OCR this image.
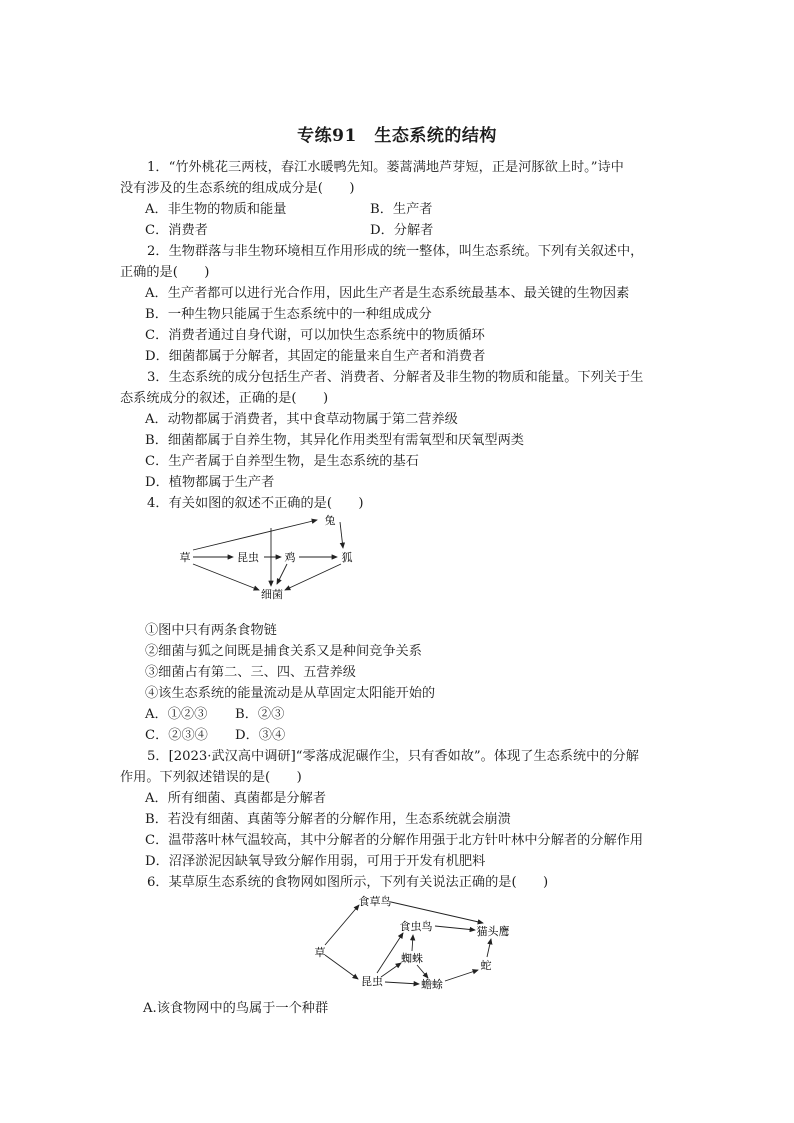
专练91　生态系统的结构
1．“竹外桃花三两枝，春江水暖鸭先知。蒌蒿满地芦芽短，正是河豚欲上时。”诗中
没有涉及的生态系统的组成成分是(　　)
A．非生物的物质和能量	B．生产者
C．消费者	D．分解者
2．生物群落与非生物环境相互作用形成的统一整体，叫生态系统。下列有关叙述中，
正确的是(　　)
A．生产者都可以进行光合作用，因此生产者是生态系统最基本、最关键的生物因素
B．一种生物只能属于生态系统中的一种组成成分
C．消费者通过自身代谢，可以加快生态系统中的物质循环
D．细菌都属于分解者，其固定的能量来自生产者和消费者
3．生态系统的成分包括生产者、消费者、分解者及非生物的物质和能量。下列关于生
态系统成分的叙述，正确的是(　　)
A．动物都属于消费者，其中食草动物属于第二营养级
B．细菌都属于自养生物，其异化作用类型有需氧型和厌氧型两类
C．生产者属于自养型生物，是生态系统的基石
D．植物都属于生产者
4．有关如图的叙述不正确的是(　　)
兔
草	昆虫 鸡	狐
细菌
①图中只有两条食物链
②细菌与狐之间既是捕食关系又是种间竞争关系
③细菌占有第二、三、四、五营养级
④该生态系统的能量流动是从草固定太阳能开始的
A．①②③	B．②③
C．②③④	D．③④
5．[2023·武汉高中调研]“零落成泥碾作尘，只有香如故”。体现了生态系统中的分解
作用。下列叙述错误的是(　　)
A．所有细菌、真菌都是分解者
B．若没有细菌、真菌等分解者的分解作用，生态系统就会崩溃
C．温带落叶林气温较高，其中分解者的分解作用强于北方针叶林中分解者的分解作用
D．沼泽淤泥因缺氧导致分解作用弱，可用于开发有机肥料
6．某草原生态系统的食物网如图所示，下列有关说法正确的是(　　)
食草鸟
草
食虫鸟	猫头鹰
蜘蛛
昆虫	蟾蜍
蛇
A.该食物网中的鸟属于一个种群
